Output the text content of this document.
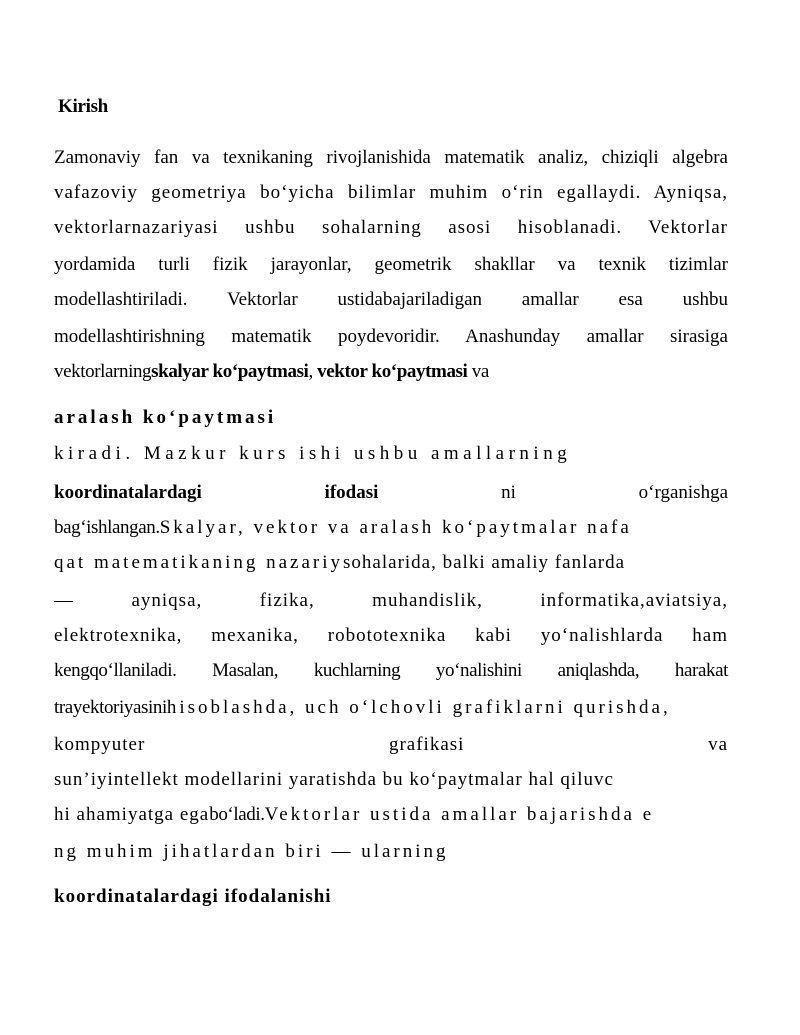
Kirish
Zamonaviy fan va texnikaning rivojlanishida matematik analiz, chiziqli algebra
vafazoviy geometriya bo‘yicha bilimlar muhim o‘rin egallaydi. Ayniqsa,
vektorlarnazariyasi ushbu sohalarning asosi hisoblanadi. Vektorlar
yordamida turli fizik jarayonlar, geometrik shakllar va texnik tizimlar
modellashtiriladi. Vektorlar ustidabajariladigan amallar esa ushbu
modellashtirishning matematik poydevoridir. Anashunday amallar sirasiga
vektorlarningskalyar ko‘paytmasi, vektor ko‘paytmasi va
aralash ko‘paytmasi
kiradi. Mazkur kurs ishi ushbu amallarning
koordinatalardagi	ifodasi	ni	o‘rganishga
bag‘ishlangan.Skalyar, vektor va aralash ko‘paytmalar nafa
qat matematikaning nazariysohalarida, balki amaliy fanlarda
— ayniqsa, fizika, muhandislik, informatika,aviatsiya,
elektrotexnika, mexanika, robototexnika kabi yo‘nalishlarda ham
kengqo‘llaniladi. Masalan, kuchlarning yo‘nalishini aniqlashda, harakat
trayektoriyasinihisoblashda, uch o‘lchovli grafiklarni qurishda,
kompyuter	grafikasi	va
sun’iyintellekt modellarini yaratishda bu ko‘paytmalar hal qiluvc
hi ahamiyatga egabo‘ladi.Vektorlar ustida amallar bajarishda e
ng muhim jihatlardan biri — ularning
koordinatalardagi ifodalanishi
